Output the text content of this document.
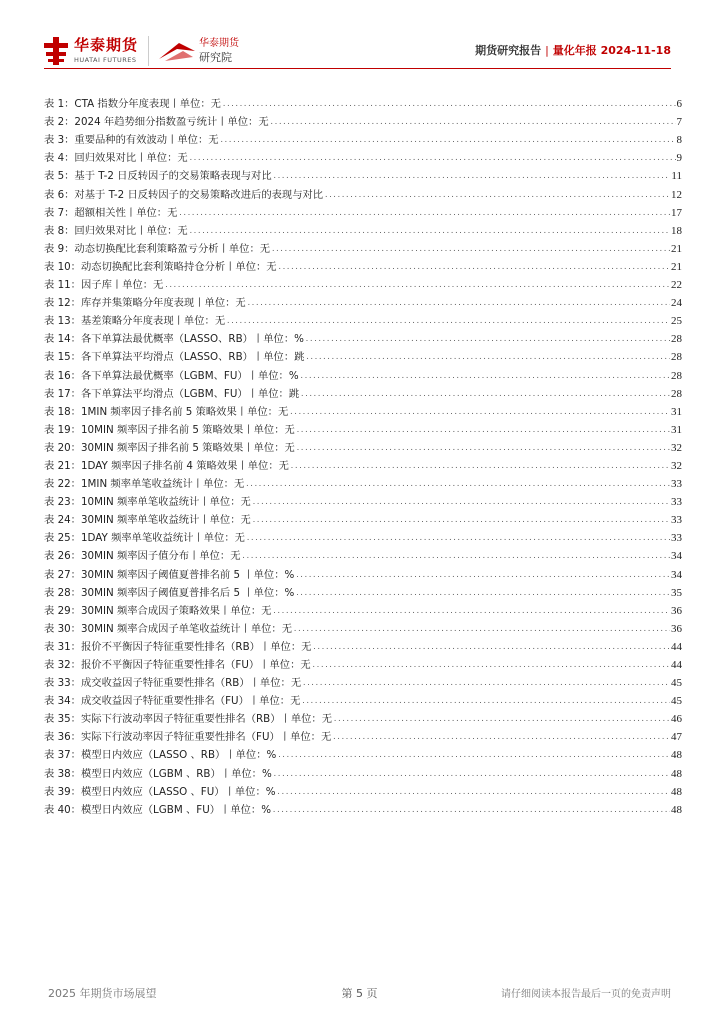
华泰期货
HUATAI FUTURES
华泰期货
研究院
期货研究报告 | 量化年报 2024-11-18
表 1：CTA 指数分年度表现丨单位：无 .....	6
表 2：2024 年趋势细分指数盈亏统计丨单位：无 .....	7
表 3：重要品种的有效波动丨单位：无 .....	8
表 4：回归效果对比丨单位：无 .....	9
表 5：基于 T-2 日反转因子的交易策略表现与对比 .....	11
表 6：对基于 T-2 日反转因子的交易策略改进后的表现与对比 .....	12
表 7：超额相关性丨单位：无 .....	17
表 8：回归效果对比丨单位：无 .....	18
表 9：动态切换配比套利策略盈亏分析丨单位：无 .....	21
表 10：动态切换配比套利策略持仓分析丨单位：无 .....	21
表 11：因子库丨单位：无 .....	22
表 12：库存并集策略分年度表现丨单位：无 .....	24
表 13：基差策略分年度表现丨单位：无 .....	25
表 14：各下单算法最优概率（LASSO、RB）丨单位：% .....	28
表 15：各下单算法平均滑点（LASSO、RB）丨单位：跳 .....	28
表 16：各下单算法最优概率（LGBM、FU）丨单位：% .....	28
表 17：各下单算法平均滑点（LGBM、FU）丨单位：跳 .....	28
表 18：1MIN 频率因子排名前 5 策略效果丨单位：无 .....	31
表 19：10MIN 频率因子排名前 5 策略效果丨单位：无 .....	31
表 20：30MIN 频率因子排名前 5 策略效果丨单位：无 .....	32
表 21：1DAY 频率因子排名前 4 策略效果丨单位：无 .....	32
表 22：1MIN 频率单笔收益统计丨单位：无 .....	33
表 23：10MIN 频率单笔收益统计丨单位：无 .....	33
表 24：30MIN 频率单笔收益统计丨单位：无 .....	33
表 25：1DAY 频率单笔收益统计丨单位：无 .....	33
表 26：30MIN 频率因子值分布丨单位：无 .....	34
表 27：30MIN 频率因子阈值夏普排名前 5 丨单位：% .....	34
表 28：30MIN 频率因子阈值夏普排名后 5 丨单位：% .....	35
表 29：30MIN 频率合成因子策略效果丨单位：无 .....	36
表 30：30MIN 频率合成因子单笔收益统计丨单位：无 .....	36
表 31：报价不平衡因子特征重要性排名（RB）丨单位：无 .....	44
表 32：报价不平衡因子特征重要性排名（FU）丨单位：无 .....	44
表 33：成交收益因子特征重要性排名（RB）丨单位：无 .....	45
表 34：成交收益因子特征重要性排名（FU）丨单位：无 .....	45
表 35：实际下行波动率因子特征重要性排名（RB）丨单位：无 .....	46
表 36：实际下行波动率因子特征重要性排名（FU）丨单位：无 .....	47
表 37：模型日内效应（LASSO 、RB）丨单位：% .....	48
表 38：模型日内效应（LGBM 、RB）丨单位：% .....	48
表 39：模型日内效应（LASSO 、FU）丨单位：% .....	48
表 40：模型日内效应（LGBM 、FU）丨单位：% .....	48
2025 年期货市场展望	第 5 页	请仔细阅读本报告最后一页的免责声明
